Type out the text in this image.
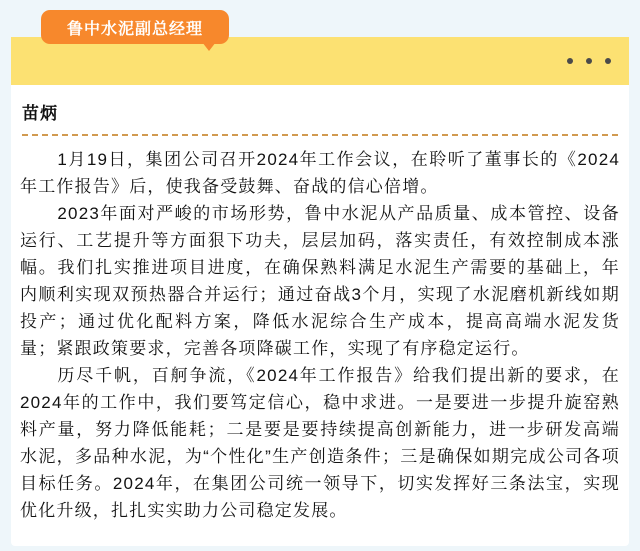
鲁中水泥副总经理
苗炳

1月19日，集团公司召开2024年工作会议，在聆听了董事长的《2024年工作报告》后，使我备受鼓舞、奋战的信心倍增。

2023年面对严峻的市场形势，鲁中水泥从产品质量、成本管控、设备运行、工艺提升等方面狠下功夫，层层加码，落实责任，有效控制成本涨幅。我们扎实推进项目进度，在确保熟料满足水泥生产需要的基础上，年内顺利实现双预热器合并运行；通过奋战3个月，实现了水泥磨机新线如期投产；通过优化配料方案，降低水泥综合生产成本，提高高端水泥发货量；紧跟政策要求，完善各项降碳工作，实现了有序稳定运行。

历尽千帆，百舸争流，《2024年工作报告》给我们提出新的要求，在2024年的工作中，我们要笃定信心，稳中求进。一是要进一步提升旋窑熟料产量，努力降低能耗；二是要是要持续提高创新能力，进一步研发高端水泥，多品种水泥，为“个性化”生产创造条件；三是确保如期完成公司各项目标任务。2024年，在集团公司统一领导下，切实发挥好三条法宝，实现优化升级，扎扎实实助力公司稳定发展。
